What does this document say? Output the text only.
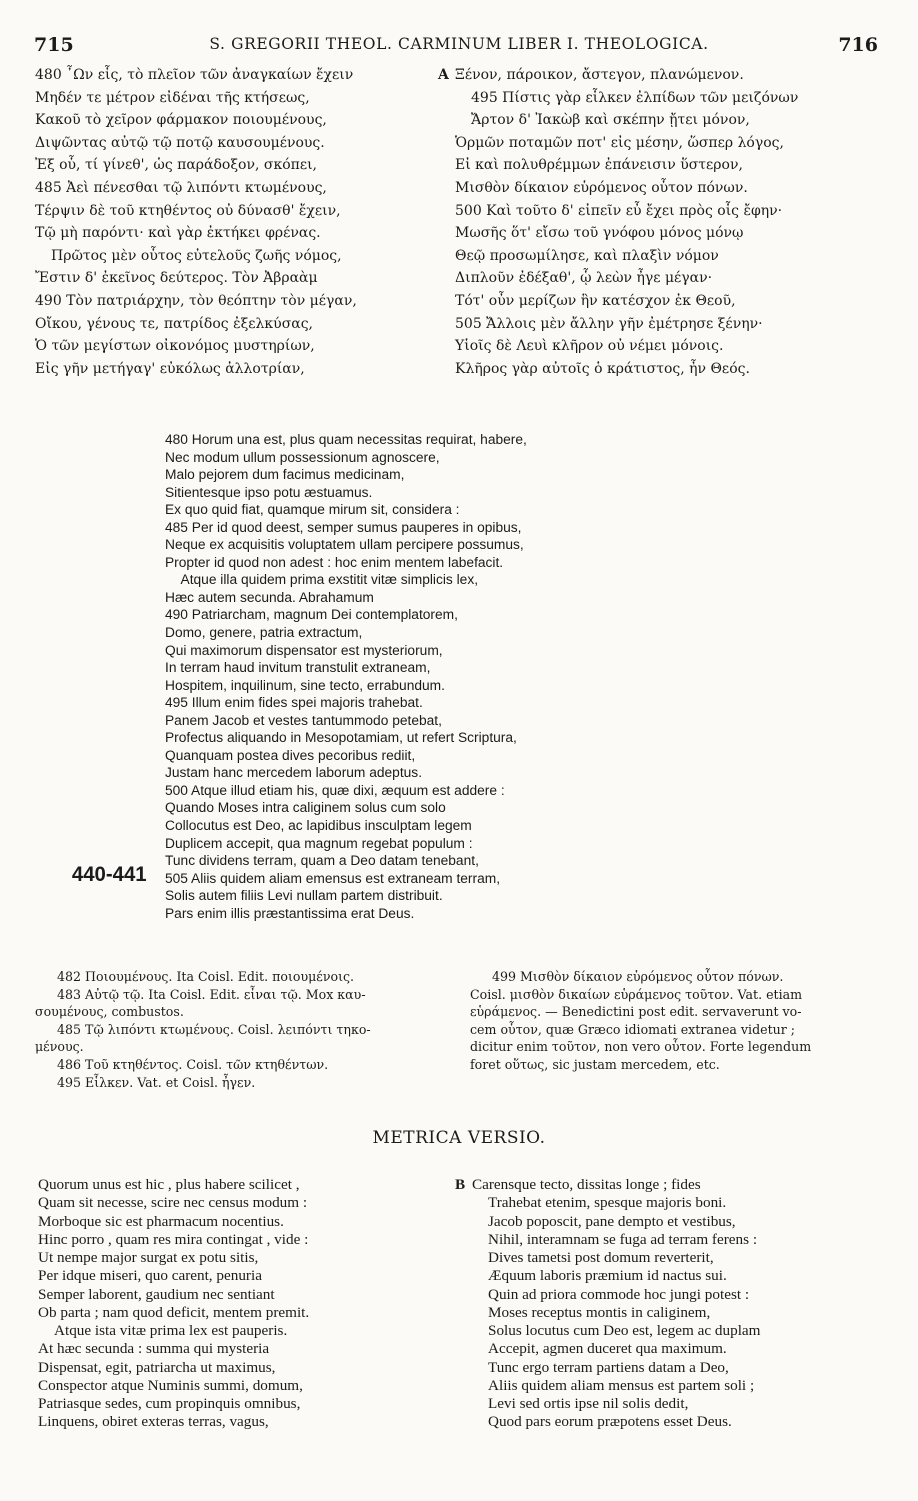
715	S. GREGORII THEOL. CARMINUM LIBER I. THEOLOGICA.	716
480 ῏Ων εἷς, τὸ πλεῖον τῶν ἀναγκαίων ἔχειν
Μηδέν τε μέτρον εἰδέναι τῆς κτήσεως,
Κακοῦ τὸ χεῖρον φάρμακον ποιουμένους,
Διψῶντας αὐτῷ τῷ ποτῷ καυσουμένους.
Ἐξ οὗ, τί γίνεθ', ὡς παράδοξον, σκόπει,
485 Ἀεὶ πένεσθαι τῷ λιπόντι κτωμένους,
Τέρψιν δὲ τοῦ κτηθέντος οὐ δύνασθ' ἔχειν,
Τῷ μὴ παρόντι· καὶ γὰρ ἐκτήκει φρένας.
Πρῶτος μὲν οὗτος εὐτελοῦς ζωῆς νόμος,
Ἔστιν δ' ἐκεῖνος δεύτερος. Τὸν Ἀβραὰμ
490 Τὸν πατριάρχην, τὸν θεόπτην τὸν μέγαν,
Οἴκου, γένους τε, πατρίδος ἐξελκύσας,
Ὁ τῶν μεγίστων οἰκονόμος μυστηρίων,
Εἰς γῆν μετήγαγ' εὐκόλως ἀλλοτρίαν,
A Ξένον, πάροικον, ἄστεγον, πλανώμενον.
495 Πίστις γὰρ εἷλκεν ἐλπίδων τῶν μειζόνων
Ἄρτον δ' Ἰακὼβ καὶ σκέπην ᾔτει μόνον,
Ὁρμῶν ποταμῶν ποτ' εἰς μέσην, ὥσπερ λόγος,
Εἰ καὶ πολυθρέμμων ἐπάνεισιν ὕστερον,
Μισθὸν δίκαιον εὑρόμενος οὗτον πόνων.
500 Καὶ τοῦτο δ' εἰπεῖν εὖ ἔχει πρὸς οἷς ἔφην·
Μωσῆς ὅτ' εἴσω τοῦ γνόφου μόνος μόνῳ
Θεῷ προσωμίλησε, καὶ πλαξὶν νόμον
Διπλοῦν ἐδέξαθ', ᾧ λεὼν ἦγε μέγαν·
Τότ' οὖν μερίζων ἣν κατέσχον ἐκ Θεοῦ,
505 Ἄλλοις μὲν ἄλλην γῆν ἐμέτρησε ξένην·
Υἱοῖς δὲ Λευὶ κλῆρον οὐ νέμει μόνοις.
Κλῆρος γὰρ αὐτοῖς ὁ κράτιστος, ἦν Θεός.
480 Horum una est, plus quam necessitas requirat, habere,
Nec modum ullum possessionum agnoscere,
Malo pejorem dum facimus medicinam,
Sitientesque ipso potu æstuamus.
Ex quo quid fiat, quamque mirum sit, considera :
485 Per id quod deest, semper sumus pauperes in opibus,
Neque ex acquisitis voluptatem ullam percipere possumus,
Propter id quod non adest : hoc enim mentem labefacit.
Atque illa quidem prima exstitit vitæ simplicis lex,
Hæc autem secunda. Abrahamum
490 Patriarcham, magnum Dei contemplatorem,
Domo, genere, patria extractum,
Qui maximorum dispensator est mysteriorum,
In terram haud invitum transtulit extraneam,
Hospitem, inquilinum, sine tecto, errabundum.
495 Illum enim fides spei majoris trahebat.
Panem Jacob et vestes tantummodo petebat,
Profectus aliquando in Mesopotamiam, ut refert Scriptura,
Quanquam postea dives pecoribus rediit,
Justam hanc mercedem laborum adeptus.
500 Atque illud etiam his, quæ dixi, æquum est addere :
Quando Moses intra caliginem solus cum solo
Collocutus est Deo, ac lapidibus insculptam legem
Duplicem accepit, qua magnum regebat populum :
Tunc dividens terram, quam a Deo datam tenebant,
440-441 505 Aliis quidem aliam emensus est extraneam terram,
Solis autem filiis Levi nullam partem distribuit.
Pars enim illis præstantissima erat Deus.
482 Ποιουμένους. Ita Coisl. Edit. ποιουμένοις.
483 Αὐτῷ τῷ. Ita Coisl. Edit. εἶναι τῷ. Mox καυ-
σουμένους, combustos.
485 Τῷ λιπόντι κτωμένους. Coisl. λειπόντι τηκο-
μένους.
486 Τοῦ κτηθέντος. Coisl. τῶν κτηθέντων.
495 Εἷλκεν. Vat. et Coisl. ἦγεν.
499 Μισθὸν δίκαιον εὑρόμενος οὗτον πόνων.
Coisl. μισθὸν δικαίων εὑράμενος τοῦτον. Vat. etiam
εὑράμενος. — Benedictini post edit. servaverunt vo-
cem οὗτον, quæ Græco idiomati extranea videtur ;
dicitur enim τοῦτον, non vero οὗτον. Forte legendum
foret οὕτως, sic justam mercedem, etc.
METRICA VERSIO.
Quorum unus est hic , plus habere scilicet ,
Quam sit necesse, scire nec census modum :
Morboque sic est pharmacum nocentius.
Hinc porro , quam res mira contingat , vide :
Ut nempe major surgat ex potu sitis,
Per idque miseri, quo carent, penuria
Semper laborent, gaudium nec sentiant
Ob parta ; nam quod deficit, mentem premit.
Atque ista vitæ prima lex est pauperis.
At hæc secunda : summa qui mysteria
Dispensat, egit, patriarcha ut maximus,
Conspector atque Numinis summi, domum,
Patriasque sedes, cum propinquis omnibus,
Linquens, obiret exteras terras, vagus,
B Carensque tecto, dissitas longe ; fides
Trahebat etenim, spesque majoris boni.
Jacob poposcit, pane dempto et vestibus,
Nihil, interamnam se fuga ad terram ferens :
Dives tametsi post domum reverterit,
Æquum laboris præmium id nactus sui.
Quin ad priora commode hoc jungi potest :
Moses receptus montis in caliginem,
Solus locutus cum Deo est, legem ac duplam
Accepit, agmen duceret qua maximum.
Tunc ergo terram partiens datam a Deo,
Aliis quidem aliam mensus est partem soli ;
Levi sed ortis ipse nil solis dedit,
Quod pars eorum præpotens esset Deus.
